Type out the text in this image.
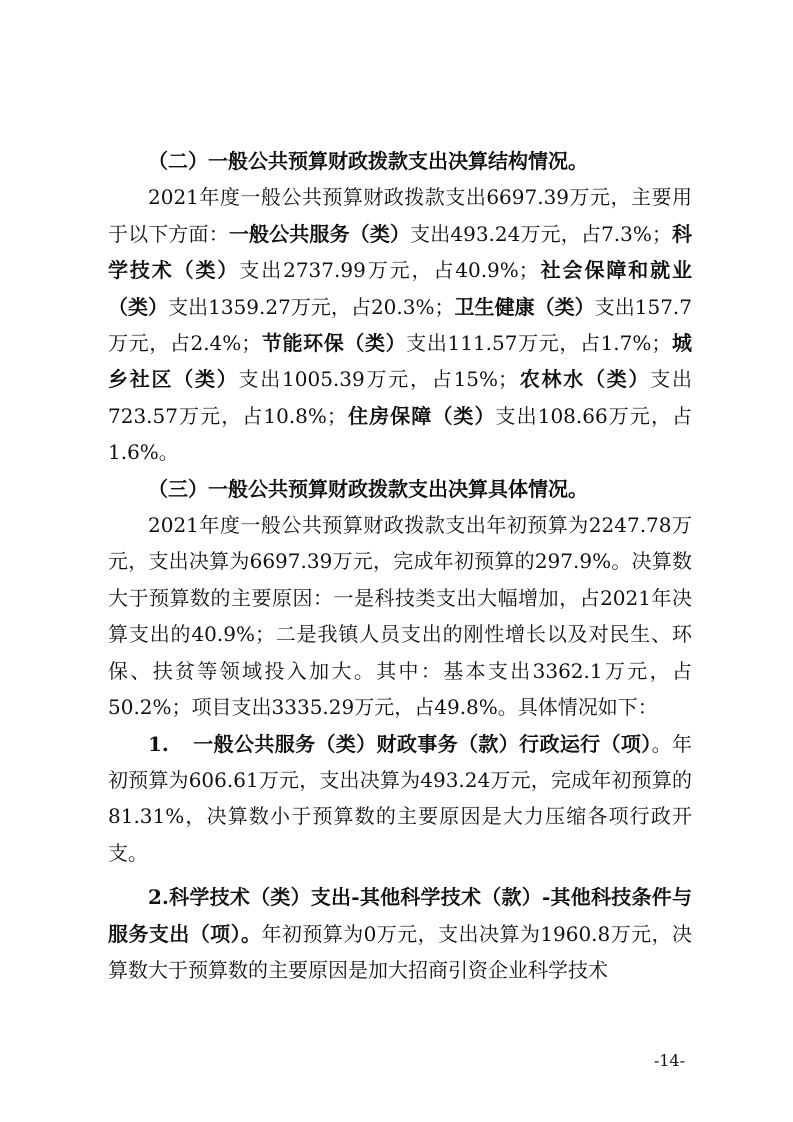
（二）一般公共预算财政拨款支出决算结构情况。

2021年度一般公共预算财政拨款支出6697.39万元，主要用于以下方面：一般公共服务（类）支出493.24万元，占7.3%；科学技术（类）支出2737.99万元，占40.9%；社会保障和就业（类）支出1359.27万元，占20.3%；卫生健康（类）支出157.7万元，占2.4%；节能环保（类）支出111.57万元，占1.7%；城乡社区（类）支出1005.39万元，占15%；农林水（类）支出723.57万元，占10.8%；住房保障（类）支出108.66万元，占1.6%。

（三）一般公共预算财政拨款支出决算具体情况。

2021年度一般公共预算财政拨款支出年初预算为2247.78万元，支出决算为6697.39万元，完成年初预算的297.9%。决算数大于预算数的主要原因：一是科技类支出大幅增加，占2021年决算支出的40.9%；二是我镇人员支出的刚性增长以及对民生、环保、扶贫等领域投入加大。其中：基本支出3362.1万元，占50.2%；项目支出3335.29万元，占49.8%。具体情况如下：

1. 一般公共服务（类）财政事务（款）行政运行（项）。年初预算为606.61万元，支出决算为493.24万元，完成年初预算的81.31%，决算数小于预算数的主要原因是大力压缩各项行政开支。

2.科学技术（类）支出-其他科学技术（款）-其他科技条件与服务支出（项）。年初预算为0万元，支出决算为1960.8万元，决算数大于预算数的主要原因是加大招商引资企业科学技术

-14-
